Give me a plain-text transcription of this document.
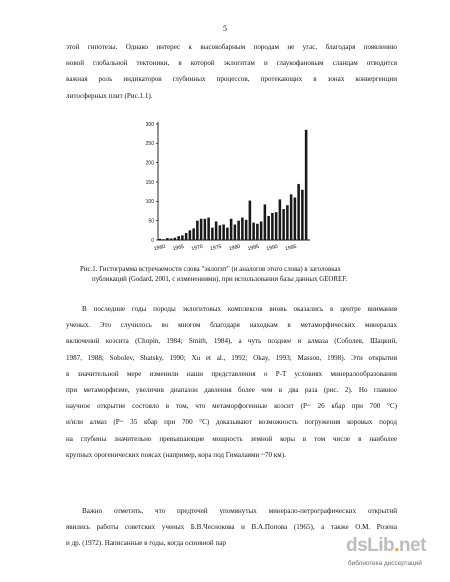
5
этой гипотезы. Однако интерес к высокобарным породам не угас, благодаря появлению
новой глобальной тектоники, в которой эклогитам и глаукофановым сланцам отводится
важная роль индикаторов глубинных процессов, протекающих в зонах конвергенции
литосферных плит (Рис.1.1).
300
250
200
150
100
50
0
1960 1965 1970 1975 1980 1985 1990 1995
Рис.1. Гистограмма встречаемости слова "эклогит" (и аналогов этого слова) в заголовках
публикаций (Godard, 2001, с изменениями), при использовании базы данных GEOREF.
В последние годы породы эклогитовых комплексов вновь оказались в центре внимания
ученых. Это случилось во многом благодаря находкам в метаморфических минералах
включений коэсита (Chopin, 1984; Smith, 1984), а чуть позднее и алмаза (Соболев, Шацкий,
1987, 1988; Sobolev, Shatsky, 1990; Xu et al., 1992; Okay, 1993; Masson, 1998). Эти открытия
в значительной мере изменили наши представления о P-T условиях минералообразования
при метаморфизме, увеличив диапазон давления более чем в два раза (рис. 2). Но главное
научное открытие состояло в том, что метаморфогенные коэсит (P~ 26 кбар при 700 °С)
и/или алмаз (P~ 35 кбар при 700 °С) доказывают возможность погружения коровых пород
на глубины значительно превышающие мощность земной коры в том числе в наиболее
крупных орогенических поясах (например, кора под Гималаями ~70 км).
Важно отметить, что предтечей упомянутых минерало-петрографических открытий
явились работы советских ученых Б.В.Чеснокова и В.А.Попова (1965), а также О.М. Розена
и др. (1972). Написанные в годы, когда основной пар	dsLib.net
библиотека диссертаций
